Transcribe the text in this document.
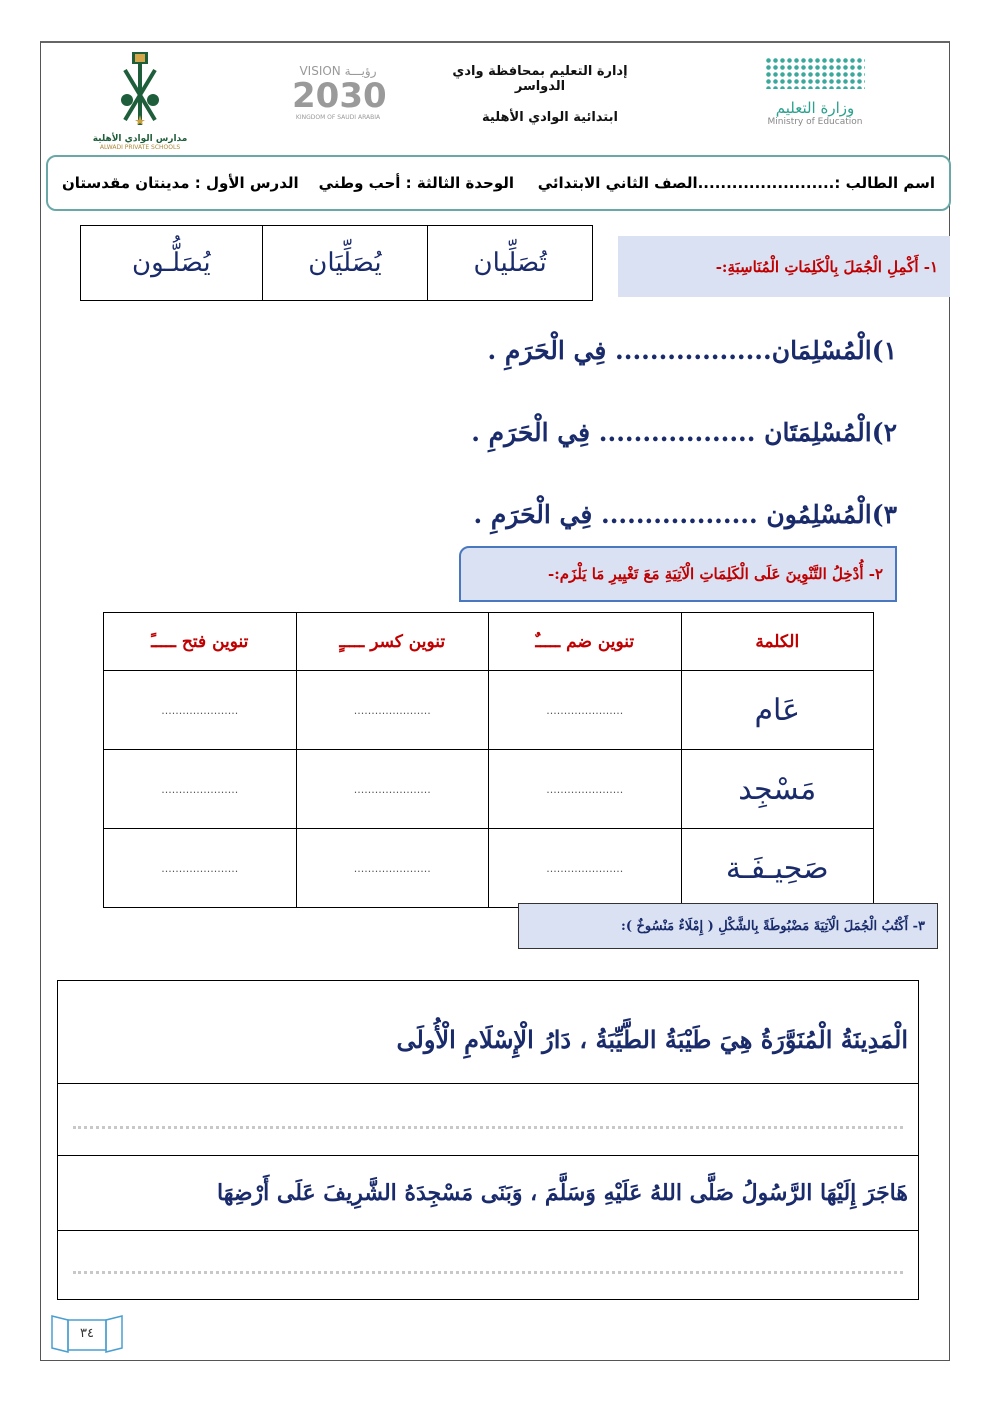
وزارة التعليم
Ministry of Education
إدارة التعليم بمحافظة وادي الدواسر
ابتدائية الوادي الأهلية
VISION رؤيـــة
2030
KINGDOM OF SAUDI ARABIA
مدارس الوادي الأهلية
ALWADI PRIVATE SCHOOLS
اسم الطالب :........................
الصف الثاني الابتدائي
الوحدة الثالثة : أحب وطني
الدرس الأول : مدينتان مقدستان
١- أَكْمِلِ الْجُمَلَ بِالْكَلِمَاتِ الْمُنَاسِبَةِ:-
تُصَلِّيان
يُصَلِّيَان
يُصَلُّـون
١)الْمُسْلِمَان.................. فِي الْحَرَمِ .
٢)الْمُسْلِمَتَان .................. فِي الْحَرَمِ .
٣)الْمُسْلِمُون .................. فِي الْحَرَمِ .
٢- أُدْخِلُ التَّنْوِينَ عَلَى الْكَلِمَاتِ الْآتِيَةِ مَعَ تَغْيِيرِ مَا يَلْزَم:-
الكلمة	تنوين ضم ـــــٌ	تنوين كسر ـــــٍ	تنوين فتح ـــــً
عَام	......................	......................	......................
مَسْجِد	......................	......................	......................
صَحِيـفَـة	......................	......................	......................
٣- أَكْتُبُ الْجُمَلَ الْآتِيَةَ مَضْبُوطَةً بِالشَّكْلِ ( إِمْلَاءٌ مَنْسُوخٌ ):
الْمَدِينَةُ الْمُنَوَّرَةُ هِيَ طَيْبَةُ الطَّيِّبَةُ ، دَارُ الْإِسْلَامِ الْأُولَى
هَاجَرَ إِلَيْهَا الرَّسُولُ صَلَّى اللهُ عَلَيْهِ وَسَلَّمَ ، وَبَنَى مَسْجِدَهُ الشَّرِيفَ عَلَى أَرْضِهَا
٣٤
